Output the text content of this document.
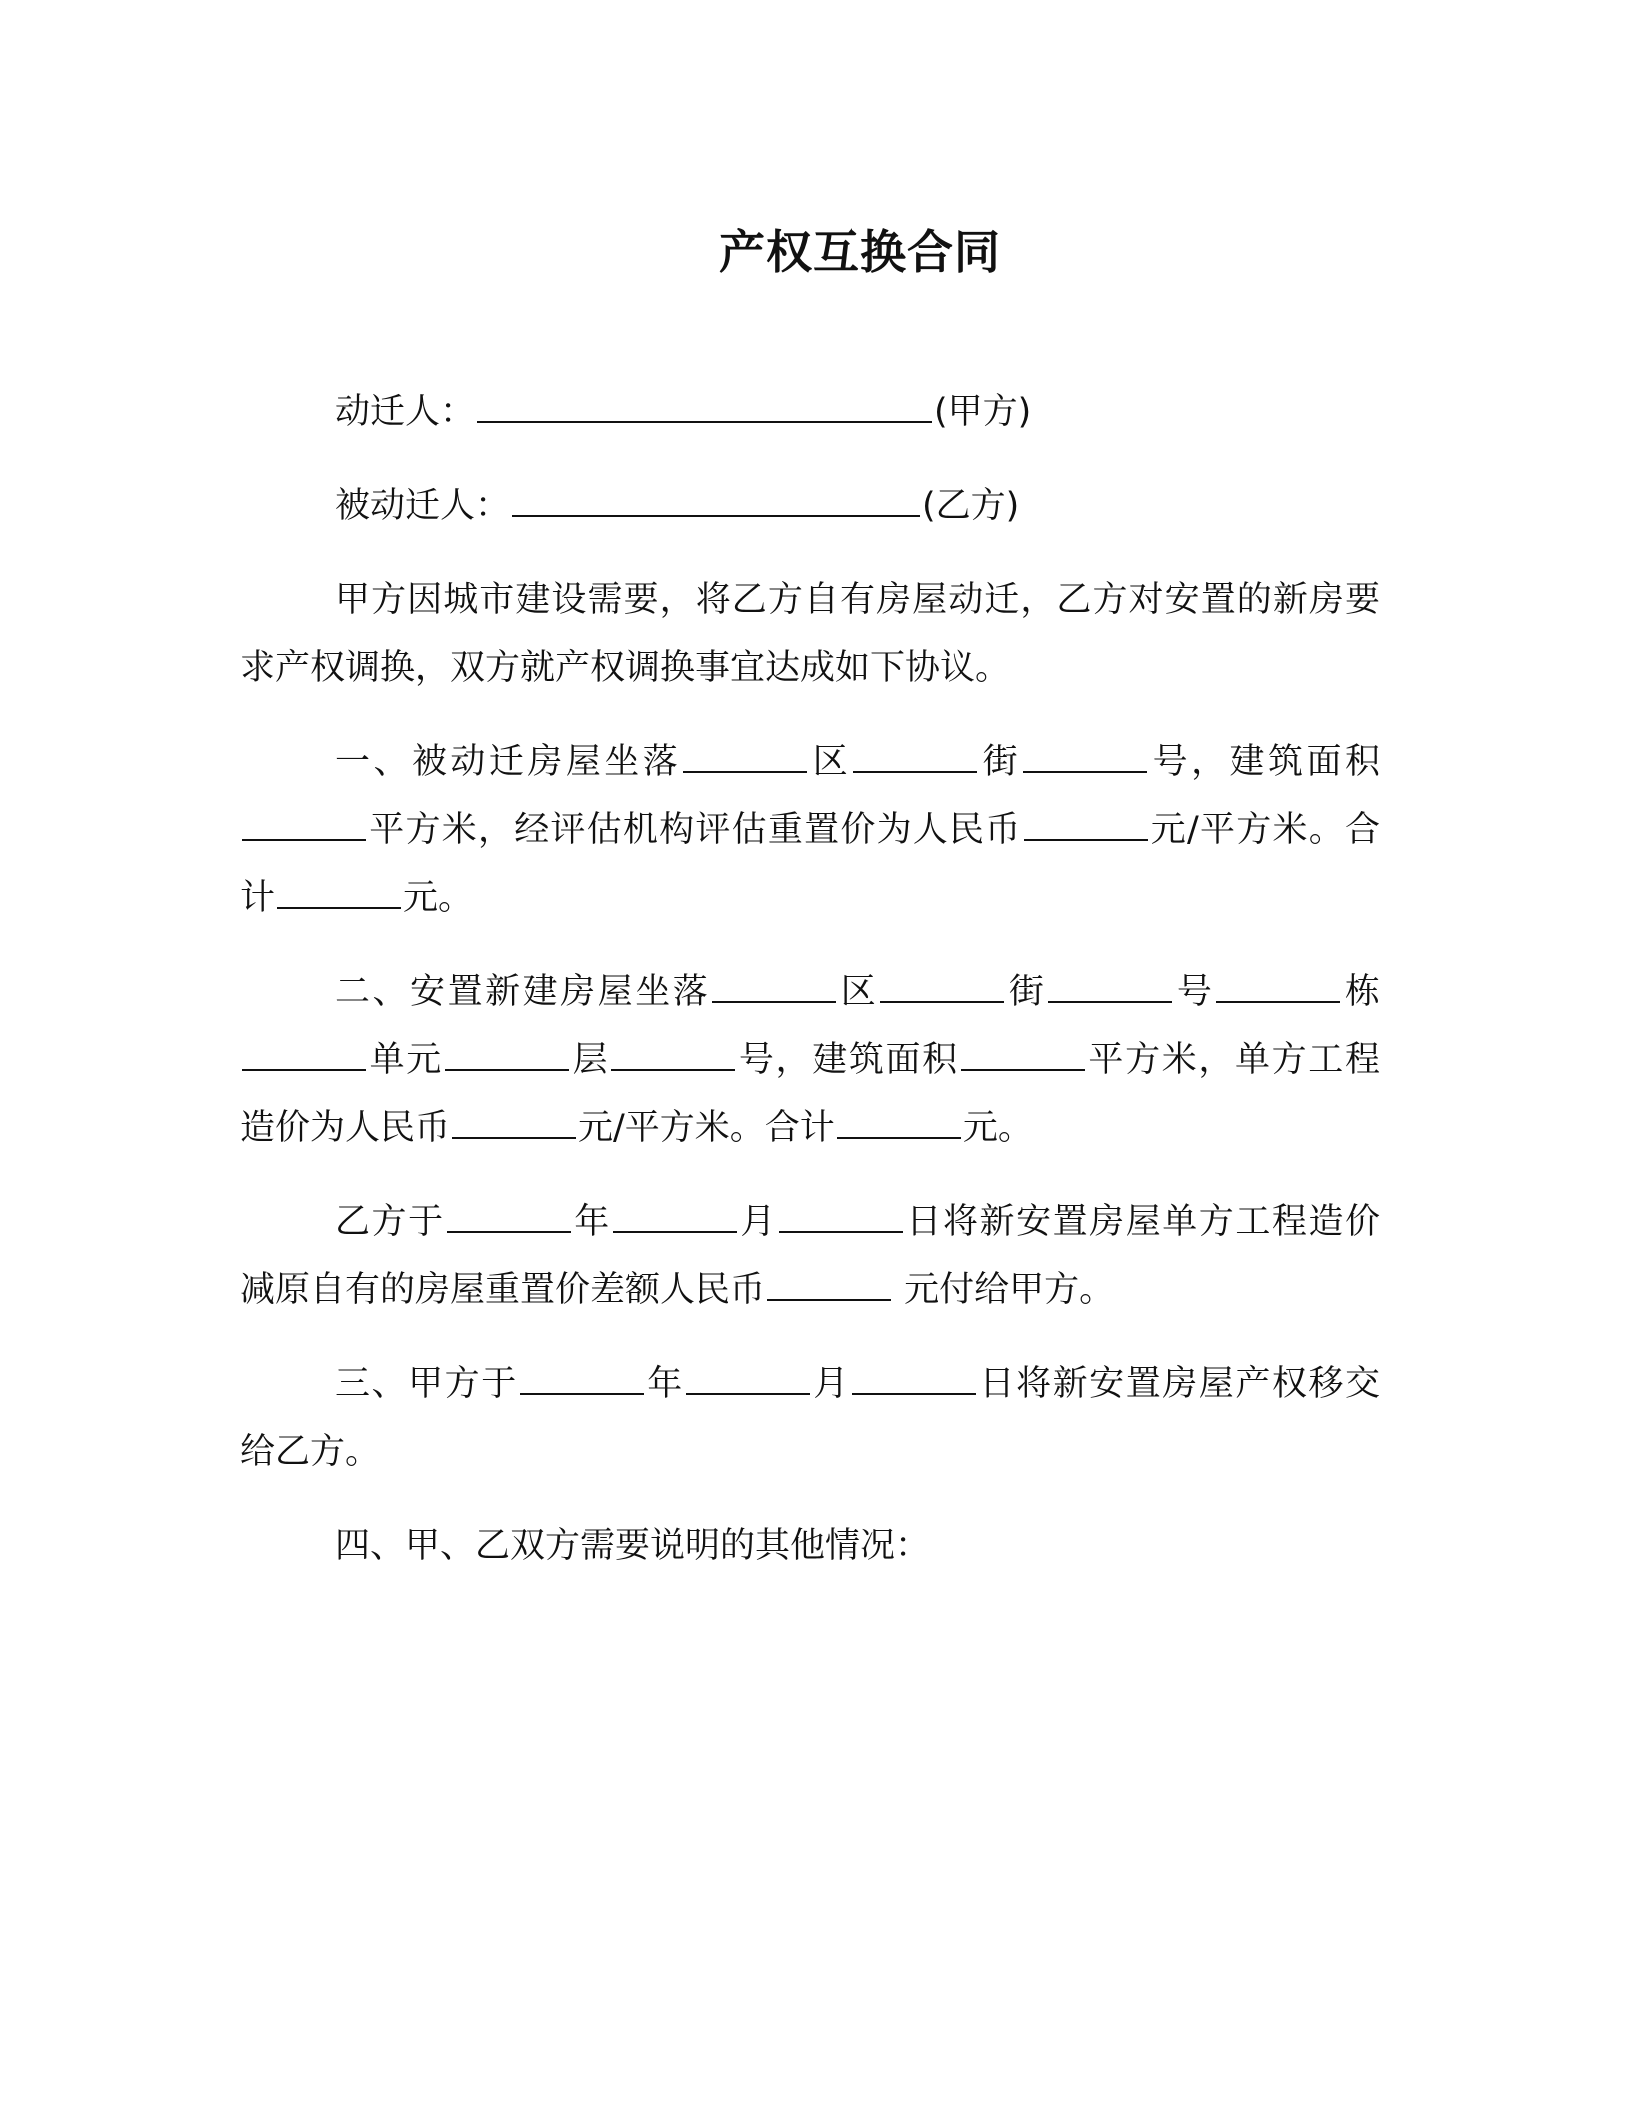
产权互换合同

动迁人：	(甲方)

被动迁人：	(乙方)

甲方因城市建设需要，将乙方自有房屋动迁，乙方对安置的新房要求产权调换，双方就产权调换事宜达成如下协议。

一、被动迁房屋坐落	区	街	号，建筑面积平方米，经评估机构评估重置价为人民币	元/平方米。合计	元。

二、安置新建房屋坐落	区	街	号	栋单元	层	号，建筑面积	平方米，单方工程造价为人民币	元/平方米。合计	元。

乙方于	年	月	日将新安置房屋单方工程造价减原自有的房屋重置价差额人民币	元付给甲方。

三、甲方于	年	月	日将新安置房屋产权移交给乙方。

四、甲、乙双方需要说明的其他情况：
